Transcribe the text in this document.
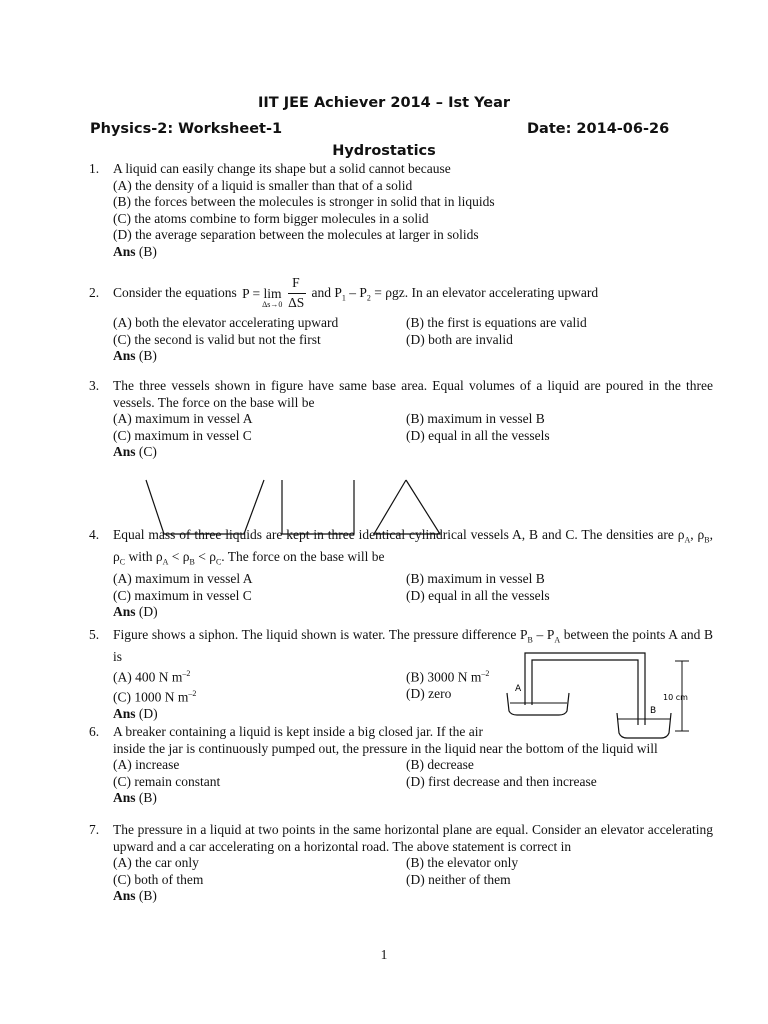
IIT JEE Achiever 2014 – Ist Year
Physics-2: Worksheet-1	Date: 2014-06-26
Hydrostatics
1. A liquid can easily change its shape but a solid cannot because
(A) the density of a liquid is smaller than that of a solid
(B) the forces between the molecules is stronger in solid that in liquids
(C) the atoms combine to form bigger molecules in a solid
(D) the average separation between the molecules at larger in solids
Ans (B)
2. Consider the equations P = lim
Δs→0
F
ΔS
and $P_1 - P_2 = \rho gz$. In an elevator accelerating upward
(A) both the elevator accelerating upward	(B) the first is equations are valid
(C) the second is valid but not the first	(D) both are invalid
Ans (B)
3. The three vessels shown in figure have same base area. Equal volumes of a liquid are poured in the three vessels. The force on the base will be
(A) maximum in vessel A	(B) maximum in vessel B
(C) maximum in vessel C	(D) equal in all the vessels
Ans (C)
4. Equal mass of three liquids are kept in three identical cylindrical vessels A, B and C. The densities are $\rho_A$, $\rho_B$, $\rho_C$ with $\rho_A < \rho_B < \rho_C$. The force on the base will be
(A) maximum in vessel A	(B) maximum in vessel B
(C) maximum in vessel C	(D) equal in all the vessels
Ans (D)
5. Figure shows a siphon. The liquid shown is water. The pressure difference $P_B - P_A$ between the points A and B is
(A) 400 N $m^{-2}$	(B) 3000 N $m^{-2}$
(C) 1000 N $m^{-2}$	(D) zero
Ans (D)
A
B
10 cm
6. A breaker containing a liquid is kept inside a big closed jar. If the air
inside the jar is continuously pumped out, the pressure in the liquid near the bottom of the liquid will
(A) increase	(B) decrease
(C) remain constant	(D) first decrease and then increase
Ans (B)
7. The pressure in a liquid at two points in the same horizontal plane are equal. Consider an elevator accelerating upward and a car accelerating on a horizontal road. The above statement is correct in
(A) the car only	(B) the elevator only
(C) both of them	(D) neither of them
Ans (B)
1
